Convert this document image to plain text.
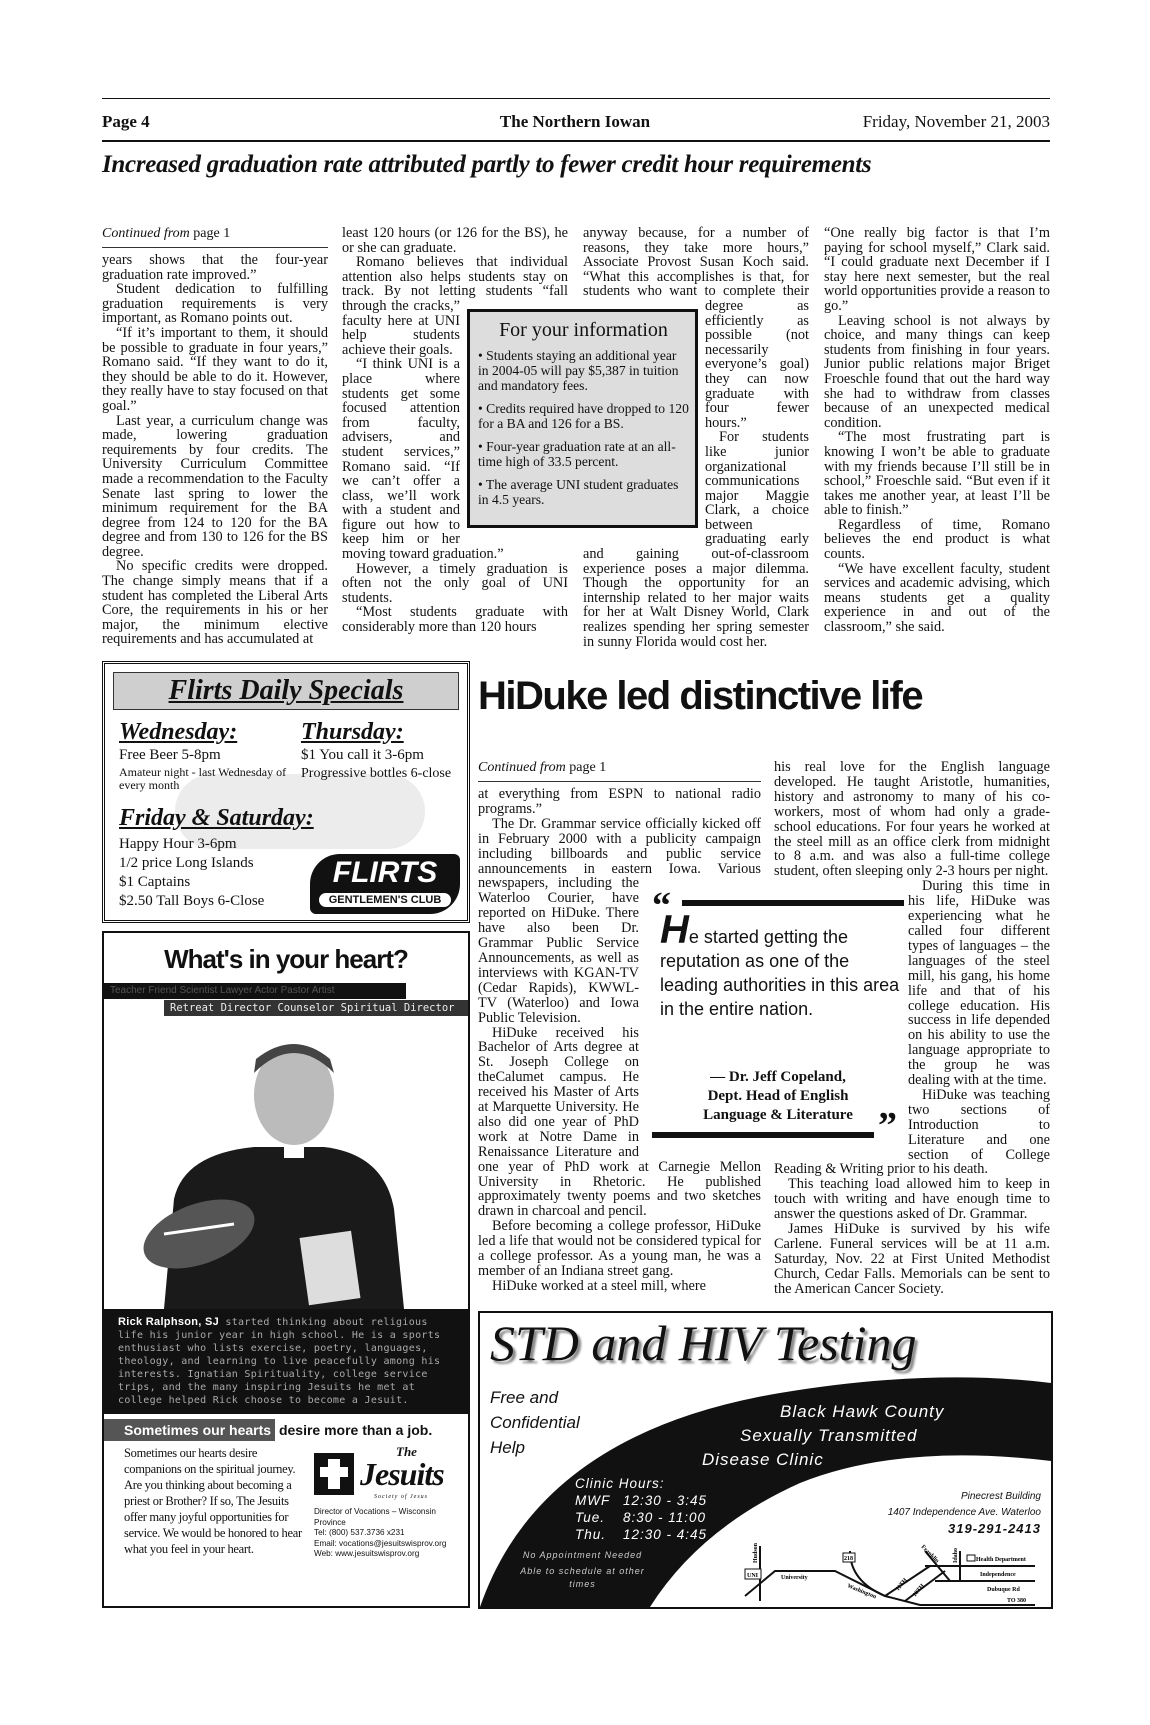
Page 4	The Northern Iowan	Friday, November 21, 2003
Increased graduation rate attributed partly to fewer credit hour requirements
Continued from page 1

years shows that the four-year graduation rate improved.”

Student dedication to fulfilling graduation requirements is very important, as Romano points out.

“If it’s important to them, it should be possible to graduate in four years,” Romano said. “If they want to do it, they should be able to do it. However, they really have to stay focused on that goal.”

Last year, a curriculum change was made, lowering graduation requirements by four credits. The University Curriculum Committee made a recommendation to the Faculty Senate last spring to lower the minimum requirement for the BA degree from 124 to 120 for the BA degree and from 130 to 126 for the BS degree.

No specific credits were dropped. The change simply means that if a student has completed the Liberal Arts Core, the requirements in his or her major, the minimum elective requirements and has accumulated at

least 120 hours (or 126 for the BS), he or she can graduate.

Romano believes that individual attention also helps students stay on track. By not letting students “fall through the cracks,” faculty here at UNI help students achieve their goals.

“I think UNI is a place where students get some focused attention from faculty, advisers, and student services,” Romano said. “If we can’t offer a class, we’ll work with a student and figure out how to keep him or her moving toward graduation.”

However, a timely graduation is often not the only goal of UNI students.

“Most students graduate with considerably more than 120 hours

anyway because, for a number of reasons, they take more hours,” Associate Provost Susan Koch said. “What this accomplishes is that, for students who want to complete their degree as efficiently as possible (not necessarily everyone’s goal) they can now graduate with four fewer hours.”

For students like junior organizational communications major Maggie Clark, a choice between graduating early and gaining out-of-classroom experience poses a major dilemma. Though the opportunity for an internship related to her major waits for her at Walt Disney World, Clark realizes spending her spring semester in sunny Florida would cost her.

“One really big factor is that I’m paying for school myself,” Clark said. “I could graduate next December if I stay here next semester, but the real world opportunities provide a reason to go.”

Leaving school is not always by choice, and many things can keep students from finishing in four years. Junior public relations major Briget Froeschle found that out the hard way she had to withdraw from classes because of an unexpected medical condition.

“The most frustrating part is knowing I won’t be able to graduate with my friends because I’ll still be in school,” Froeschle said. “But even if it takes me another year, at least I’ll be able to finish.”

Regardless of time, Romano believes the end product is what counts.

“We have excellent faculty, student services and academic advising, which means students get a quality experience in and out of the classroom,” she said.

For your information

• Students staying an additional year in 2004-05 will pay $5,387 in tuition and mandatory fees.

• Credits required have dropped to 120 for a BA and 126 for a BS.

• Four-year graduation rate at an all-time high of 33.5 percent.

• The average UNI student graduates in 4.5 years.

Flirts Daily Specials
Wednesday:
Free Beer 5-8pm
Amateur night - last Wednesday of every month
Thursday:
$1 You call it 3-6pm
Progressive bottles 6-close
Friday & Saturday:
Happy Hour 3-6pm
1/2 price Long Islands
$1 Captains
$2.50 Tall Boys 6-Close
FLIRTS
GENTLEMEN'S CLUB
What's in your heart?
Teacher Friend Scientist Lawyer Actor Pastor Artist
Retreat Director Counselor Spiritual Director
Rick Ralphson, SJ started thinking about religious life his junior year in high school. He is a sports enthusiast who lists exercise, poetry, languages, theology, and learning to live peacefully among his interests. Ignatian Spirituality, college service trips, and the many inspiring Jesuits he met at college helped Rick choose to become a Jesuit.
Sometimes our hearts desire more than a job.
Sometimes our hearts desire companions on the spiritual journey. Are you thinking about becoming a priest or Brother? If so, The Jesuits offer many joyful opportunities for service. We would be honored to hear what you feel in your heart.
The
Jesuits
Society of Jesus
Director of Vocations – Wisconsin Province
Tel: (800) 537.3736 x231
Email: vocations@jesuitswisprov.org
Web: www.jesuitswisprov.org
HiDuke led distinctive life
Continued from page 1

at everything from ESPN to national radio programs.”

The Dr. Grammar service officially kicked off in February 2000 with a publicity campaign including billboards and public service announcements in eastern Iowa. Various newspapers, including the Waterloo Courier, have reported on HiDuke. There have also been Dr. Grammar Public Service Announcements, as well as interviews with KGAN-TV (Cedar Rapids), KWWL-TV (Waterloo) and Iowa Public Television.

HiDuke received his Bachelor of Arts degree at St. Joseph College on theCalumet campus. He received his Master of Arts at Marquette University. He also did one year of PhD work at Notre Dame in Renaissance Literature and one year of PhD work at Carnegie Mellon University in Rhetoric. He published approximately twenty poems and two sketches drawn in charcoal and pencil.

Before becoming a college professor, HiDuke led a life that would not be considered typical for a college professor. As a young man, he was a member of an Indiana street gang.

HiDuke worked at a steel mill, where

his real love for the English language developed. He taught Aristotle, humanities, history and astronomy to many of his co-workers, most of whom had only a grade-school educations. For four years he worked at the steel mill as an office clerk from midnight to 8 a.m. and was also a full-time college student, often sleeping only 2-3 hours per night.

During this time in his life, HiDuke was experiencing what he called four different types of languages – the languages of the steel mill, his gang, his home life and that of his college education. His success in life depended on his ability to use the language appropriate to the group he was dealing with at the time.

HiDuke was teaching two sections of Introduction to Literature and one section of College Reading & Writing prior to his death.

This teaching load allowed him to keep in touch with writing and have enough time to answer the questions asked of Dr. Grammar.

James HiDuke is survived by his wife Carlene. Funeral services will be at 11 a.m. Saturday, Nov. 22 at First United Methodist Church, Cedar Falls. Memorials can be sent to the American Cancer Society.

“
He started getting the reputation as one of the leading authorities in this area in the entire nation.
— Dr. Jeff Copeland,
Dept. Head of English
Language & Literature ”
STD and HIV Testing
Free and
Confidential
Help
Black Hawk County
Sexually Transmitted
Disease Clinic
Clinic Hours:
MWF 12:30 - 3:45
Tue. 8:30 - 11:00
Thu. 12:30 - 4:45
No Appointment Needed
Able to schedule at other times
Pinecrest Building
1407 Independence Ave. Waterloo
319-291-2413
UNI
Hudson
University
218
Washington	11TH 18TH
Franklin Idaho	Health Department
Independence
Dubuque Rd
TO 380
